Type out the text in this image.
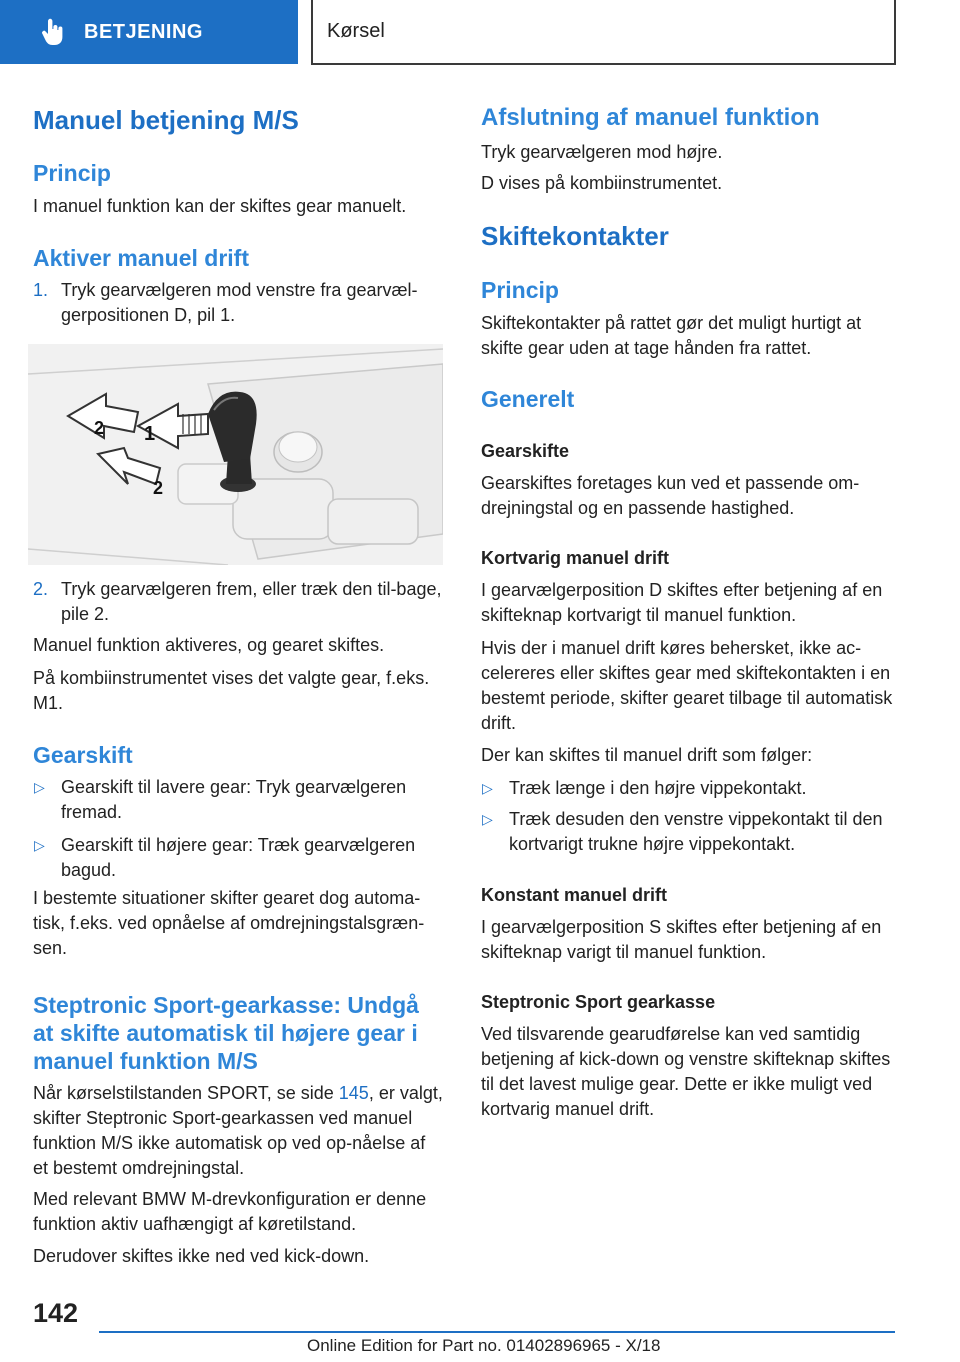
BETJENING	Kørsel
Manuel betjening M/S
Princip
I manuel funktion kan der skiftes gear manuelt.
Aktiver manuel drift
1. Tryk gearvælgeren mod venstre fra gearvæl-gerpositionen D, pil 1.
2. Tryk gearvælgeren frem, eller træk den til-bage, pile 2.
Manuel funktion aktiveres, og gearet skiftes.
På kombiinstrumentet vises det valgte gear, f.eks. M1.
Gearskift
▷ Gearskift til lavere gear: Tryk gearvælgeren fremad.
▷ Gearskift til højere gear: Træk gearvælgeren bagud.
I bestemte situationer skifter gearet dog automa-tisk, f.eks. ved opnåelse af omdrejningstalsgræn-sen.
Steptronic Sport-gearkasse: Undgå at skifte automatisk til højere gear i manuel funktion M/S
Når kørselstilstanden SPORT, se side 145, er valgt, skifter Steptronic Sport-gearkassen ved manuel funktion M/S ikke automatisk op ved op-nåelse af et bestemt omdrejningstal.
Med relevant BMW M-drevkonfiguration er denne funktion aktiv uafhængigt af køretilstand.
Derudover skiftes ikke ned ved kick-down.
1
2
2
Afslutning af manuel funktion
Tryk gearvælgeren mod højre.
D vises på kombiinstrumentet.
Skiftekontakter
Princip
Skiftekontakter på rattet gør det muligt hurtigt at skifte gear uden at tage hånden fra rattet.
Generelt
Gearskifte
Gearskiftes foretages kun ved et passende om-drejningstal og en passende hastighed.
Kortvarig manuel drift
I gearvælgerposition D skiftes efter betjening af en skifteknap kortvarigt til manuel funktion.
Hvis der i manuel drift køres behersket, ikke ac-celereres eller skiftes gear med skiftekontakten i en bestemt periode, skifter gearet tilbage til automatisk drift.
Der kan skiftes til manuel drift som følger:
▷ Træk længe i den højre vippekontakt.
▷ Træk desuden den venstre vippekontakt til den kortvarigt trukne højre vippekontakt.
Konstant manuel drift
I gearvælgerposition S skiftes efter betjening af en skifteknap varigt til manuel funktion.
Steptronic Sport gearkasse
Ved tilsvarende gearudførelse kan ved samtidig betjening af kick-down og venstre skifteknap skiftes til det lavest mulige gear. Dette er ikke muligt ved kortvarig manuel drift.
142
Online Edition for Part no. 01402896965 - X/18
